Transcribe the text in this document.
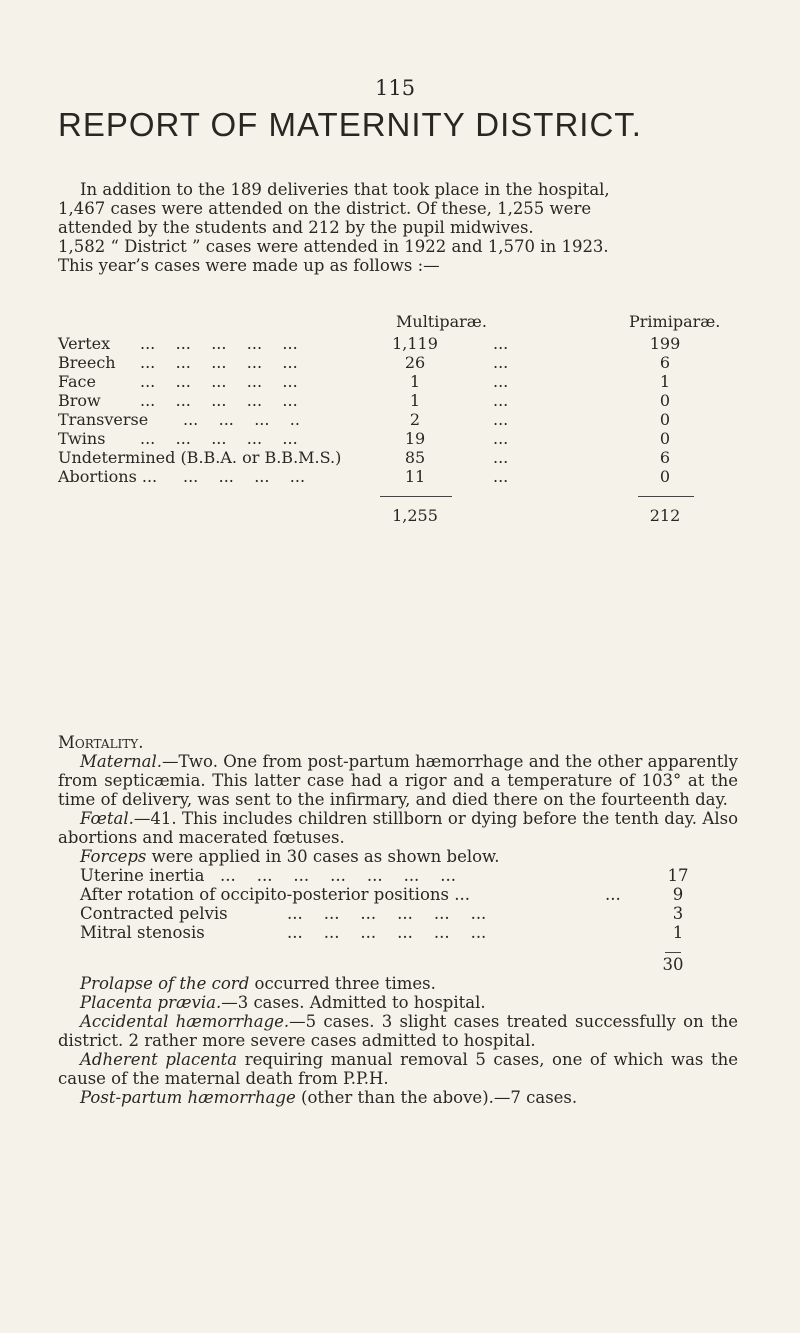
115
REPORT OF MATERNITY DISTRICT.
In addition to the 189 deliveries that took place in the hospital,
1,467 cases were attended on the district. Of these, 1,255 were
attended by the students and 212 by the pupil midwives.
1,582 “ District ” cases were attended in 1922 and 1,570 in 1923.
This year’s cases were made up as follows :—
Multiparæ.	Primiparæ.
Vertex ...    ...    ...    ...    ...	1,119	...	199
Breech ...    ...    ...    ...    ...	26	...	6
Face	...    ...    ...    ...    ...	1	...	1
Brow ...    ...    ...    ...    ...	1	...	0
Transverse ...    ...    ...    ..	2	...	0
Twins ...    ...    ...    ...    ...	19	...	0
Undetermined (B.B.A. or B.B.M.S.)	85	...	6
Abortions ... ...    ...    ...    ...	11	...	0
1,255	212
Mortality.

Maternal.—Two. One from post-partum hæmorrhage and the other apparently from septicæmia. This latter case had a rigor and a temperature of 103° at the time of delivery, was sent to the infirmary, and died there on the fourteenth day.

Fœtal.—41. This includes children stillborn or dying before the tenth day. Also abortions and macerated fœtuses.

Forceps were applied in 30 cases as shown below.

Uterine inertia ...    ...    ...    ...    ...    ...    ...	17
After rotation of occipito-posterior positions ...	...	9
Contracted pelvis	...    ...    ...    ...    ...    ...	3
Mitral stenosis	...    ...    ...    ...    ...    ...	1
30

Prolapse of the cord occurred three times.

Placenta prævia.—3 cases. Admitted to hospital.

Accidental hæmorrhage.—5 cases. 3 slight cases treated successfully on the district. 2 rather more severe cases admitted to hospital.

Adherent placenta requiring manual removal 5 cases, one of which was the cause of the maternal death from P.P.H.

Post-partum hæmorrhage (other than the above).—7 cases.
